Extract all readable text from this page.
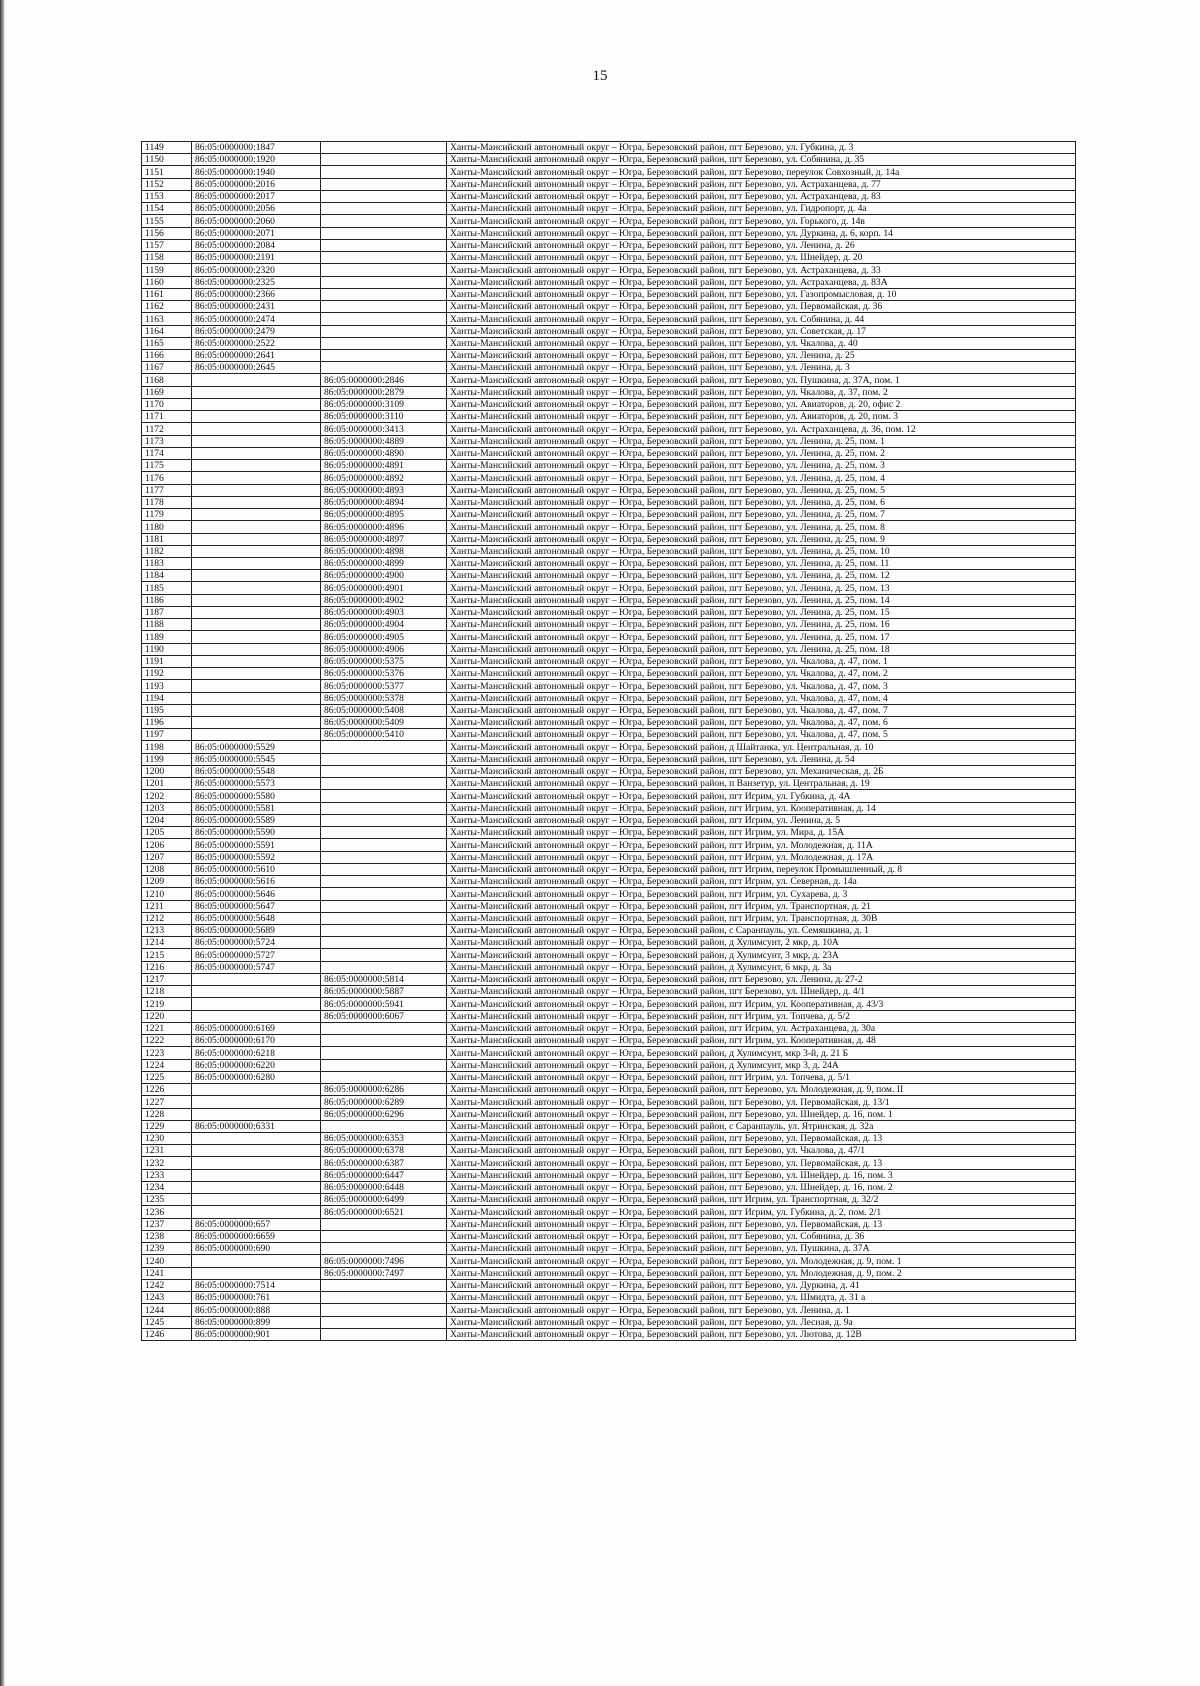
15
1149	86:05:0000000:1847		Ханты-Мансийский автономный округ – Югра, Березовский район, пгт Березово, ул. Губкина, д. 3
1150	86:05:0000000:1920		Ханты-Мансийский автономный округ – Югра, Березовский район, пгт Березово, ул. Собянина, д. 35
1151	86:05:0000000:1940		Ханты-Мансийский автономный округ – Югра, Березовский район, пгт Березово, переулок Совхозный, д. 14а
1152	86:05:0000000:2016		Ханты-Мансийский автономный округ – Югра, Березовский район, пгт Березово, ул. Астраханцева, д. 77
1153	86:05:0000000:2017		Ханты-Мансийский автономный округ – Югра, Березовский район, пгт Березово, ул. Астраханцева, д. 83
1154	86:05:0000000:2056		Ханты-Мансийский автономный округ – Югра, Березовский район, пгт Березово, ул. Гидропорт, д. 4а
1155	86:05:0000000:2060		Ханты-Мансийский автономный округ – Югра, Березовский район, пгт Березово, ул. Горького, д. 14в
1156	86:05:0000000:2071		Ханты-Мансийский автономный округ – Югра, Березовский район, пгт Березово, ул. Дуркина, д. 6, корп. 14
1157	86:05:0000000:2084		Ханты-Мансийский автономный округ – Югра, Березовский район, пгт Березово, ул. Ленина, д. 26
1158	86:05:0000000:2191		Ханты-Мансийский автономный округ – Югра, Березовский район, пгт Березово, ул. Шнейдер, д. 20
1159	86:05:0000000:2320		Ханты-Мансийский автономный округ – Югра, Березовский район, пгт Березово, ул. Астраханцева, д. 33
1160	86:05:0000000:2325		Ханты-Мансийский автономный округ – Югра, Березовский район, пгт Березово, ул. Астраханцева, д. 83А
1161	86:05:0000000:2366		Ханты-Мансийский автономный округ – Югра, Березовский район, пгт Березово, ул. Газопромысловая, д. 10
1162	86:05:0000000:2431		Ханты-Мансийский автономный округ – Югра, Березовский район, пгт Березово, ул. Первомайская, д. 36
1163	86:05:0000000:2474		Ханты-Мансийский автономный округ – Югра, Березовский район, пгт Березово, ул. Собянина, д. 44
1164	86:05:0000000:2479		Ханты-Мансийский автономный округ – Югра, Березовский район, пгт Березово, ул. Советская, д. 17
1165	86:05:0000000:2522		Ханты-Мансийский автономный округ – Югра, Березовский район, пгт Березово, ул. Чкалова, д. 40
1166	86:05:0000000:2641		Ханты-Мансийский автономный округ – Югра, Березовский район, пгт Березово, ул. Ленина, д. 25
1167	86:05:0000000:2645		Ханты-Мансийский автономный округ – Югра, Березовский район, пгт Березово, ул. Ленина, д. 3
1168		86:05:0000000:2846	Ханты-Мансийский автономный округ – Югра, Березовский район, пгт Березово, ул. Пушкина, д. 37А, пом. 1
1169		86:05:0000000:2879	Ханты-Мансийский автономный округ – Югра, Березовский район, пгт Березово, ул. Чкалова, д. 37, пом. 2
1170		86:05:0000000:3109	Ханты-Мансийский автономный округ – Югра, Березовский район, пгт Березово, ул. Авиаторов, д. 20, офис 2
1171		86:05:0000000:3110	Ханты-Мансийский автономный округ – Югра, Березовский район, пгт Березово, ул. Авиаторов, д. 20, пом. 3
1172		86:05:0000000:3413	Ханты-Мансийский автономный округ – Югра, Березовский район, пгт Березово, ул. Астраханцева, д. 36, пом. 12
1173		86:05:0000000:4889	Ханты-Мансийский автономный округ – Югра, Березовский район, пгт Березово, ул. Ленина, д. 25, пом. 1
1174		86:05:0000000:4890	Ханты-Мансийский автономный округ – Югра, Березовский район, пгт Березово, ул. Ленина, д. 25, пом. 2
1175		86:05:0000000:4891	Ханты-Мансийский автономный округ – Югра, Березовский район, пгт Березово, ул. Ленина, д. 25, пом. 3
1176		86:05:0000000:4892	Ханты-Мансийский автономный округ – Югра, Березовский район, пгт Березово, ул. Ленина, д. 25, пом. 4
1177		86:05:0000000:4893	Ханты-Мансийский автономный округ – Югра, Березовский район, пгт Березово, ул. Ленина, д. 25, пом. 5
1178		86:05:0000000:4894	Ханты-Мансийский автономный округ – Югра, Березовский район, пгт Березово, ул. Ленина, д. 25, пом. 6
1179		86:05:0000000:4895	Ханты-Мансийский автономный округ – Югра, Березовский район, пгт Березово, ул. Ленина, д. 25, пом. 7
1180		86:05:0000000:4896	Ханты-Мансийский автономный округ – Югра, Березовский район, пгт Березово, ул. Ленина, д. 25, пом. 8
1181		86:05:0000000:4897	Ханты-Мансийский автономный округ – Югра, Березовский район, пгт Березово, ул. Ленина, д. 25, пом. 9
1182		86:05:0000000:4898	Ханты-Мансийский автономный округ – Югра, Березовский район, пгт Березово, ул. Ленина, д. 25, пом. 10
1183		86:05:0000000:4899	Ханты-Мансийский автономный округ – Югра, Березовский район, пгт Березово, ул. Ленина, д. 25, пом. 11
1184		86:05:0000000:4900	Ханты-Мансийский автономный округ – Югра, Березовский район, пгт Березово, ул. Ленина, д. 25, пом. 12
1185		86:05:0000000:4901	Ханты-Мансийский автономный округ – Югра, Березовский район, пгт Березово, ул. Ленина, д. 25, пом. 13
1186		86:05:0000000:4902	Ханты-Мансийский автономный округ – Югра, Березовский район, пгт Березово, ул. Ленина, д. 25, пом. 14
1187		86:05:0000000:4903	Ханты-Мансийский автономный округ – Югра, Березовский район, пгт Березово, ул. Ленина, д. 25, пом. 15
1188		86:05:0000000:4904	Ханты-Мансийский автономный округ – Югра, Березовский район, пгт Березово, ул. Ленина, д. 25, пом. 16
1189		86:05:0000000:4905	Ханты-Мансийский автономный округ – Югра, Березовский район, пгт Березово, ул. Ленина, д. 25, пом. 17
1190		86:05:0000000:4906	Ханты-Мансийский автономный округ – Югра, Березовский район, пгт Березово, ул. Ленина, д. 25, пом. 18
1191		86:05:0000000:5375	Ханты-Мансийский автономный округ – Югра, Березовский район, пгт Березово, ул. Чкалова, д. 47, пом. 1
1192		86:05:0000000:5376	Ханты-Мансийский автономный округ – Югра, Березовский район, пгт Березово, ул. Чкалова, д. 47, пом. 2
1193		86:05:0000000:5377	Ханты-Мансийский автономный округ – Югра, Березовский район, пгт Березово, ул. Чкалова, д. 47, пом. 3
1194		86:05:0000000:5378	Ханты-Мансийский автономный округ – Югра, Березовский район, пгт Березово, ул. Чкалова, д. 47, пом. 4
1195		86:05:0000000:5408	Ханты-Мансийский автономный округ – Югра, Березовский район, пгт Березово, ул. Чкалова, д. 47, пом. 7
1196		86:05:0000000:5409	Ханты-Мансийский автономный округ – Югра, Березовский район, пгт Березово, ул. Чкалова, д. 47, пом. 6
1197		86:05:0000000:5410	Ханты-Мансийский автономный округ – Югра, Березовский район, пгт Березово, ул. Чкалова, д. 47, пом. 5
1198	86:05:0000000:5529		Ханты-Мансийский автономный округ – Югра, Березовский район, д Шайтанка, ул. Центральная, д. 10
1199	86:05:0000000:5545		Ханты-Мансийский автономный округ – Югра, Березовский район, пгт Березово, ул. Ленина, д. 54
1200	86:05:0000000:5548		Ханты-Мансийский автономный округ – Югра, Березовский район, пгт Березово, ул. Механическая, д. 2Б
1201	86:05:0000000:5573		Ханты-Мансийский автономный округ – Югра, Березовский район, п Ванзетур, ул. Центральная, д. 19
1202	86:05:0000000:5580		Ханты-Мансийский автономный округ – Югра, Березовский район, пгт Игрим, ул. Губкина, д. 4А
1203	86:05:0000000:5581		Ханты-Мансийский автономный округ – Югра, Березовский район, пгт Игрим, ул. Кооперативная, д. 14
1204	86:05:0000000:5589		Ханты-Мансийский автономный округ – Югра, Березовский район, пгт Игрим, ул. Ленина, д. 5
1205	86:05:0000000:5590		Ханты-Мансийский автономный округ – Югра, Березовский район, пгт Игрим, ул. Мира, д. 15А
1206	86:05:0000000:5591		Ханты-Мансийский автономный округ – Югра, Березовский район, пгт Игрим, ул. Молодежная, д. 11А
1207	86:05:0000000:5592		Ханты-Мансийский автономный округ – Югра, Березовский район, пгт Игрим, ул. Молодежная, д. 17А
1208	86:05:0000000:5610		Ханты-Мансийский автономный округ – Югра, Березовский район, пгт Игрим, переулок Промышленный, д. 8
1209	86:05:0000000:5616		Ханты-Мансийский автономный округ – Югра, Березовский район, пгт Игрим, ул. Северная, д. 14а
1210	86:05:0000000:5646		Ханты-Мансийский автономный округ – Югра, Березовский район, пгт Игрим, ул. Сухарева, д. 3
1211	86:05:0000000:5647		Ханты-Мансийский автономный округ – Югра, Березовский район, пгт Игрим, ул. Транспортная, д. 21
1212	86:05:0000000:5648		Ханты-Мансийский автономный округ – Югра, Березовский район, пгт Игрим, ул. Транспортная, д. 30В
1213	86:05:0000000:5689		Ханты-Мансийский автономный округ – Югра, Березовский район, с Саранпауль, ул. Семяшкина, д. 1
1214	86:05:0000000:5724		Ханты-Мансийский автономный округ – Югра, Березовский район, д Хулимсунт, 2 мкр, д. 10А
1215	86:05:0000000:5727		Ханты-Мансийский автономный округ – Югра, Березовский район, д Хулимсунт, 3 мкр, д. 23А
1216	86:05:0000000:5747		Ханты-Мансийский автономный округ – Югра, Березовский район, д Хулимсунт, 6 мкр, д. 3а
1217		86:05:0000000:5814	Ханты-Мансийский автономный округ – Югра, Березовский район, пгт Березово, ул. Ленина, д. 27-2
1218		86:05:0000000:5887	Ханты-Мансийский автономный округ – Югра, Березовский район, пгт Березово, ул. Шнейдер, д. 4/1
1219		86:05:0000000:5941	Ханты-Мансийский автономный округ – Югра, Березовский район, пгт Игрим, ул. Кооперативная, д. 43/3
1220		86:05:0000000:6067	Ханты-Мансийский автономный округ – Югра, Березовский район, пгт Игрим, ул. Топчева, д. 5/2
1221	86:05:0000000:6169		Ханты-Мансийский автономный округ – Югра, Березовский район, пгт Игрим, ул. Астраханцева, д. 30а
1222	86:05:0000000:6170		Ханты-Мансийский автономный округ – Югра, Березовский район, пгт Игрим, ул. Кооперативная, д. 48
1223	86:05:0000000:6218		Ханты-Мансийский автономный округ – Югра, Березовский район, д Хулимсунт, мкр 3-й, д. 21 Б
1224	86:05:0000000:6220		Ханты-Мансийский автономный округ – Югра, Березовский район, д Хулимсунт, мкр 3, д. 24А
1225	86:05:0000000:6280		Ханты-Мансийский автономный округ – Югра, Березовский район, пгт Игрим, ул. Топчева, д. 5/1
1226		86:05:0000000:6286	Ханты-Мансийский автономный округ – Югра, Березовский район, пгт Березово, ул. Молодежная, д. 9, пом. II
1227		86:05:0000000:6289	Ханты-Мансийский автономный округ – Югра, Березовский район, пгт Березово, ул. Первомайская, д. 13/1
1228		86:05:0000000:6296	Ханты-Мансийский автономный округ – Югра, Березовский район, пгт Березово, ул. Шнейдер, д. 16, пом. 1
1229	86:05:0000000:6331		Ханты-Мансийский автономный округ – Югра, Березовский район, с Саранпауль, ул. Ятринская, д. 32а
1230		86:05:0000000:6353	Ханты-Мансийский автономный округ – Югра, Березовский район, пгт Березово, ул. Первомайская, д. 13
1231		86:05:0000000:6378	Ханты-Мансийский автономный округ – Югра, Березовский район, пгт Березово, ул. Чкалова, д. 47/1
1232		86:05:0000000:6387	Ханты-Мансийский автономный округ – Югра, Березовский район, пгт Березово, ул. Первомайская, д. 13
1233		86:05:0000000:6447	Ханты-Мансийский автономный округ – Югра, Березовский район, пгт Березово, ул. Шнейдер, д. 16, пом. 3
1234		86:05:0000000:6448	Ханты-Мансийский автономный округ – Югра, Березовский район, пгт Березово, ул. Шнейдер, д. 16, пом. 2
1235		86:05:0000000:6499	Ханты-Мансийский автономный округ – Югра, Березовский район, пгт Игрим, ул. Транспортная, д. 32/2
1236		86:05:0000000:6521	Ханты-Мансийский автономный округ – Югра, Березовский район, пгт Игрим, ул. Губкина, д. 2, пом. 2/1
1237	86:05:0000000:657		Ханты-Мансийский автономный округ – Югра, Березовский район, пгт Березово, ул. Первомайская, д. 13
1238	86:05:0000000:6659		Ханты-Мансийский автономный округ – Югра, Березовский район, пгт Березово, ул. Собянина, д. 36
1239	86:05:0000000:690		Ханты-Мансийский автономный округ – Югра, Березовский район, пгт Березово, ул. Пушкина, д. 37А
1240		86:05:0000000:7496	Ханты-Мансийский автономный округ – Югра, Березовский район, пгт Березово, ул. Молодежная, д. 9, пом. 1
1241		86:05:0000000:7497	Ханты-Мансийский автономный округ – Югра, Березовский район, пгт Березово, ул. Молодежная, д. 9, пом. 2
1242	86:05:0000000:7514		Ханты-Мансийский автономный округ – Югра, Березовский район, пгт Березово, ул. Дуркина, д. 41
1243	86:05:0000000:761		Ханты-Мансийский автономный округ – Югра, Березовский район, пгт Березово, ул. Шмидта, д. 31 а
1244	86:05:0000000:888		Ханты-Мансийский автономный округ – Югра, Березовский район, пгт Березово, ул. Ленина, д. 1
1245	86:05:0000000:899		Ханты-Мансийский автономный округ – Югра, Березовский район, пгт Березово, ул. Лесная, д. 9а
1246	86:05:0000000:901		Ханты-Мансийский автономный округ – Югра, Березовский район, пгт Березово, ул. Лютова, д. 12В
